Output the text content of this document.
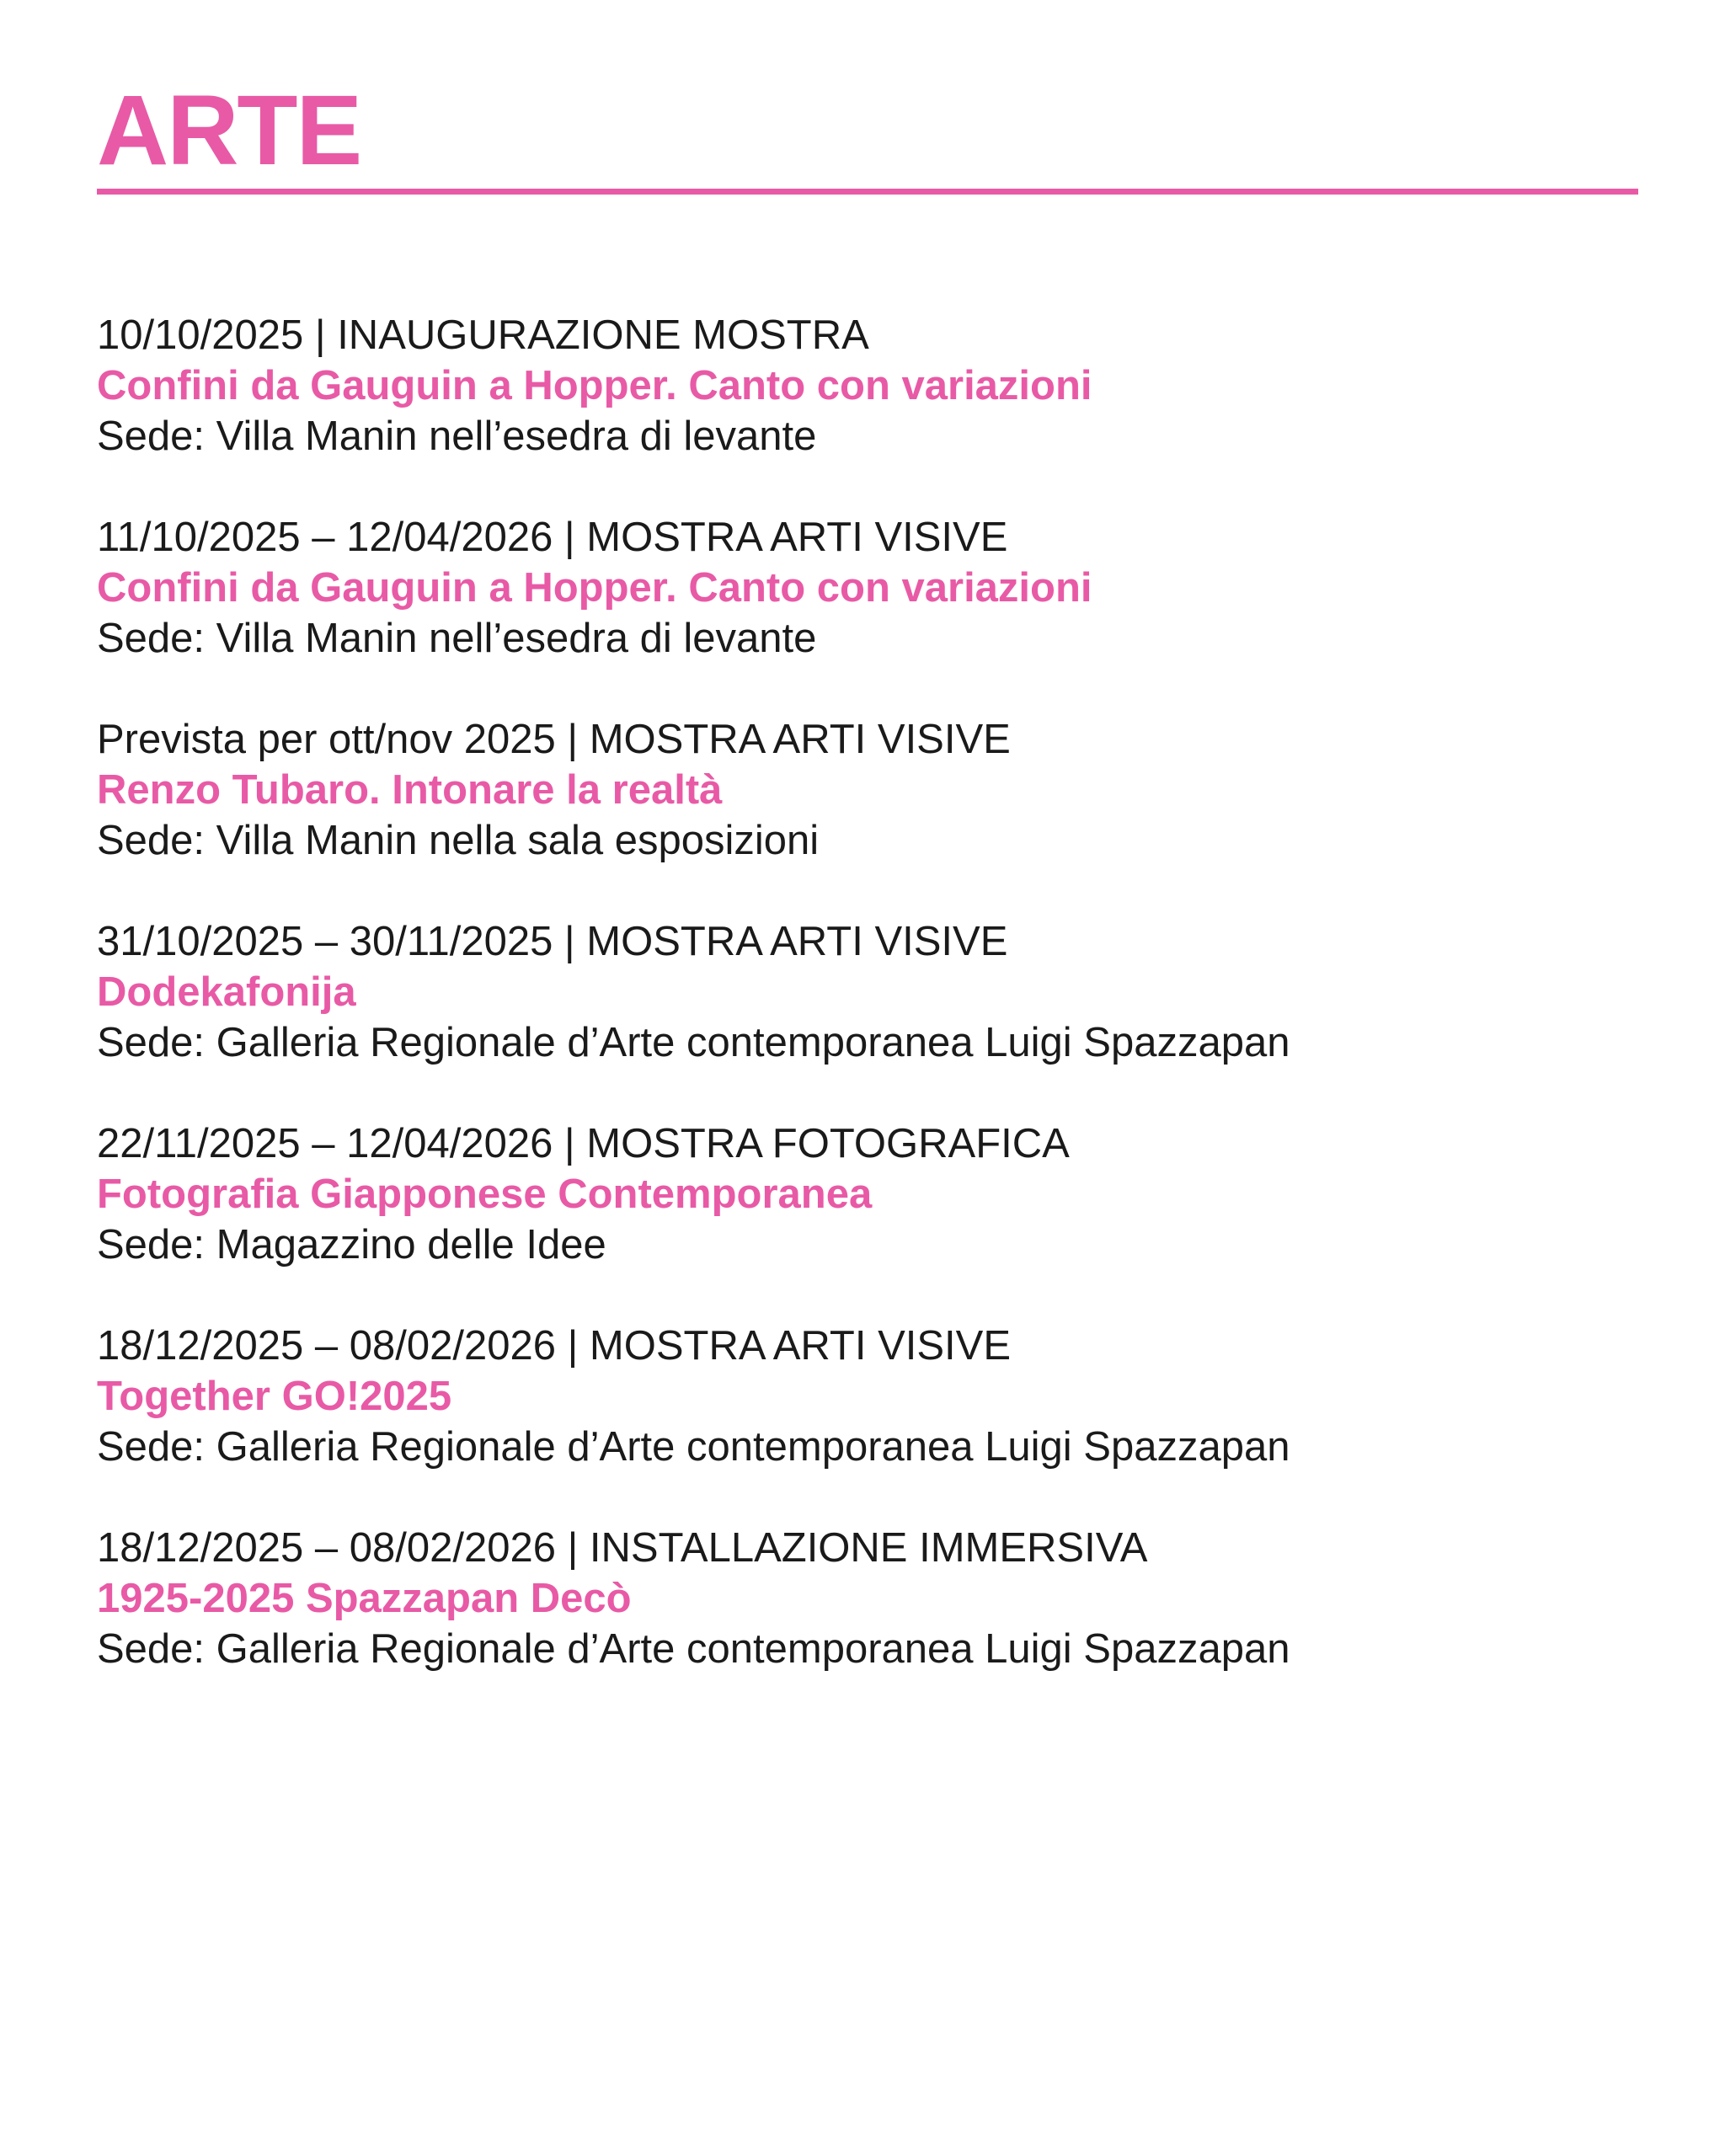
ARTE
10/10/2025 | INAUGURAZIONE MOSTRA
Confini da Gauguin a Hopper. Canto con variazioni
Sede: Villa Manin nell’esedra di levante
11/10/2025 – 12/04/2026 | MOSTRA ARTI VISIVE
Confini da Gauguin a Hopper. Canto con variazioni
Sede: Villa Manin nell’esedra di levante
Prevista per ott/nov 2025 | MOSTRA ARTI VISIVE
Renzo Tubaro. Intonare la realtà
Sede: Villa Manin nella sala esposizioni
31/10/2025 – 30/11/2025 | MOSTRA ARTI VISIVE
Dodekafonija
Sede: Galleria Regionale d’Arte contemporanea Luigi Spazzapan
22/11/2025 – 12/04/2026 | MOSTRA FOTOGRAFICA
Fotografia Giapponese Contemporanea
Sede: Magazzino delle Idee
18/12/2025 – 08/02/2026 | MOSTRA ARTI VISIVE
Together GO!2025
Sede: Galleria Regionale d’Arte contemporanea Luigi Spazzapan
18/12/2025 – 08/02/2026 | INSTALLAZIONE IMMERSIVA
1925-2025 Spazzapan Decò
Sede: Galleria Regionale d’Arte contemporanea Luigi Spazzapan
